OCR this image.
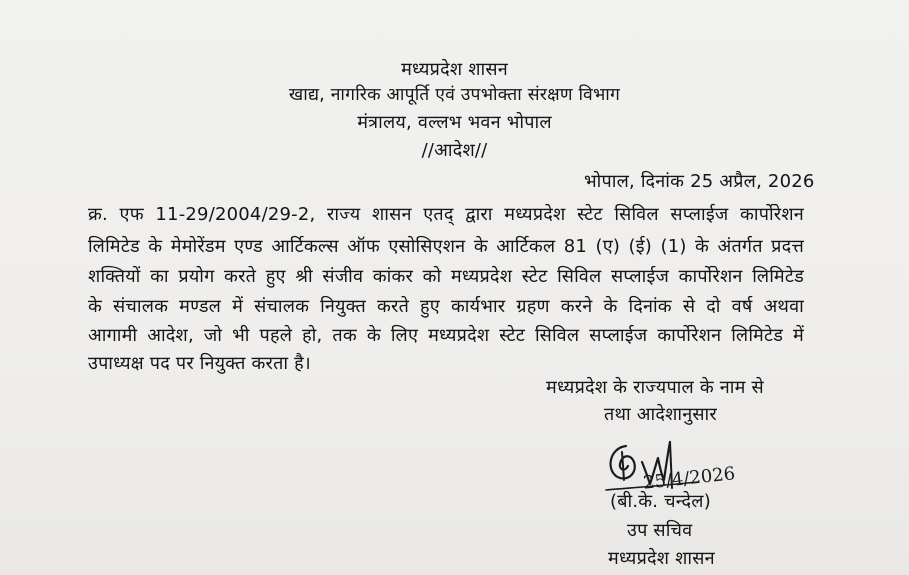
मध्यप्रदेश शासन
खाद्य, नागरिक आपूर्ति एवं उपभोक्ता संरक्षण विभाग
मंत्रालय, वल्लभ भवन भोपाल
//आदेश//
भोपाल, दिनांक 25 अप्रैल, 2026
क्र. एफ 11-29/2004/29-2, राज्य शासन एतद् द्वारा मध्यप्रदेश स्टेट सिविल सप्लाईज कार्पोरेशन
लिमिटेड के मेमोरेंडम एण्ड आर्टिकल्स ऑफ एसोसिएशन के आर्टिकल 81 (ए) (ई) (1) के अंतर्गत प्रदत्त
शक्तियों का प्रयोग करते हुए श्री संजीव कांकर को मध्यप्रदेश स्टेट सिविल सप्लाईज कार्पोरेशन लिमिटेड
के संचालक मण्डल में संचालक नियुक्त करते हुए कार्यभार ग्रहण करने के दिनांक से दो वर्ष अथवा
आगामी आदेश, जो भी पहले हो, तक के लिए मध्यप्रदेश स्टेट सिविल सप्लाईज कार्पोरेशन लिमिटेड में
उपाध्यक्ष पद पर नियुक्त करता है।
मध्यप्रदेश के राज्यपाल के नाम से
तथा आदेशानुसार
25/4/2026
(बी.के. चन्देल)
उप सचिव
मध्यप्रदेश शासन
